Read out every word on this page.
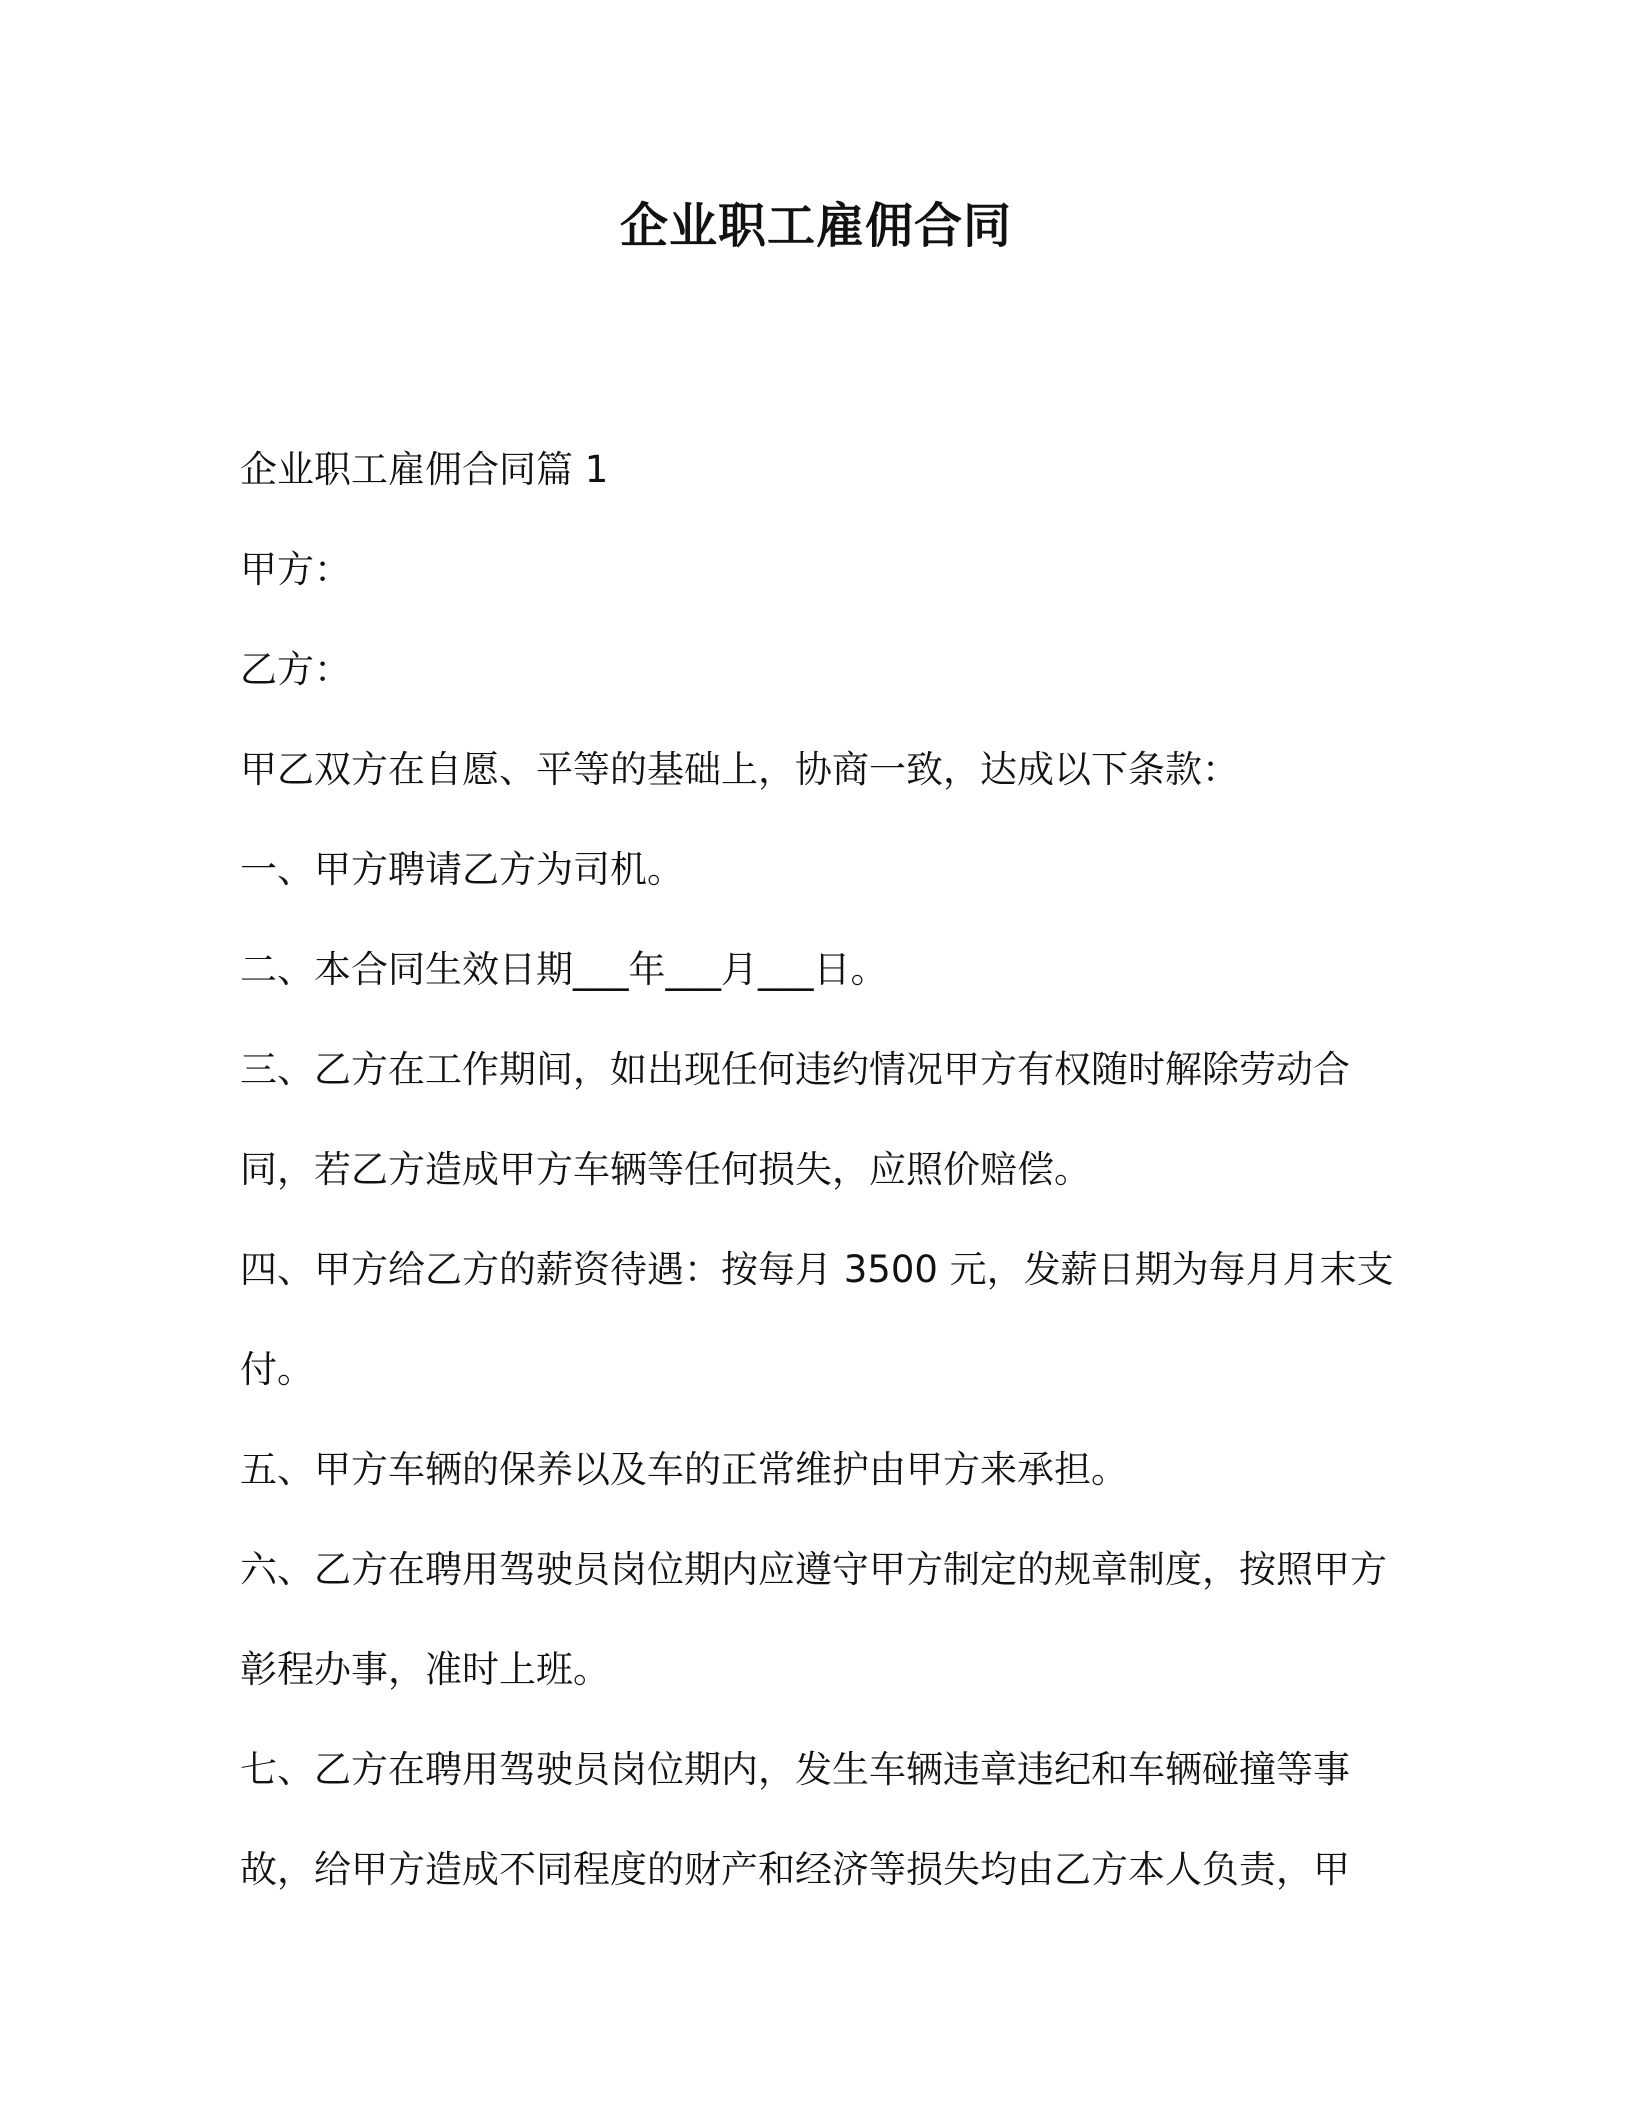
企业职工雇佣合同

企业职工雇佣合同篇 1

甲方：

乙方：

甲乙双方在自愿、平等的基础上，协商一致，达成以下条款：

一、甲方聘请乙方为司机。

二、本合同生效日期___年___月___日。

三、乙方在工作期间，如出现任何违约情况甲方有权随时解除劳动合同，若乙方造成甲方车辆等任何损失，应照价赔偿。

四、甲方给乙方的薪资待遇：按每月 3500 元，发薪日期为每月月末支付。

五、甲方车辆的保养以及车的正常维护由甲方来承担。

六、乙方在聘用驾驶员岗位期内应遵守甲方制定的规章制度，按照甲方彰程办事，准时上班。

七、乙方在聘用驾驶员岗位期内，发生车辆违章违纪和车辆碰撞等事故，给甲方造成不同程度的财产和经济等损失均由乙方本人负责，甲
